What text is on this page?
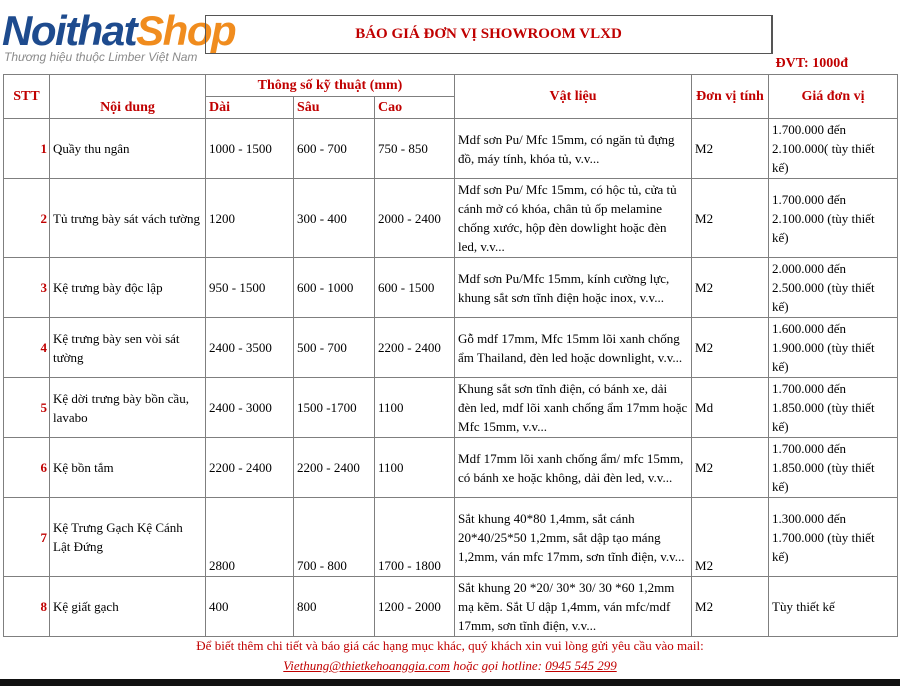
NoithatShop
Thương hiệu thuộc Limber Việt Nam
BÁO GIÁ ĐƠN VỊ SHOWROOM VLXD
ĐVT: 1000đ
STT	Nội dung	Thông số kỹ thuật (mm)			Vật liệu	Đơn vị tính	Giá đơn vị
		Dài	Sâu	Cao			
1	Quầy thu ngân	1000 - 1500	600 - 700	750 - 850	Mdf sơn Pu/ Mfc 15mm, có ngăn tủ đựng đồ, máy tính, khóa tủ, v.v...	M2	1.700.000 đến 2.100.000( tùy thiết kế)
2	Tủ trưng bày sát vách tường	1200	300 - 400	2000 - 2400	Mdf sơn Pu/ Mfc 15mm, có hộc tủ, cửa tủ cánh mở có khóa, chân tủ ốp melamine chống xước, hộp đèn dowlight hoặc đèn led, v.v...	M2	1.700.000 đến 2.100.000 (tùy thiết kế)
3	Kệ trưng bày độc lập	950 - 1500	600 - 1000	600 - 1500	Mdf sơn Pu/Mfc 15mm, kính cường lực, khung sắt sơn tĩnh điện hoặc inox, v.v...	M2	2.000.000 đến 2.500.000 (tùy thiết kế)
4	Kệ trưng bày sen vòi sát tường	2400 - 3500	500 - 700	2200 - 2400	Gỗ mdf 17mm, Mfc 15mm lõi xanh chống ẩm Thailand, đèn led hoặc downlight, v.v...	M2	1.600.000 đến 1.900.000 (tùy thiết kế)
5	Kệ dời trưng bày bồn cầu, lavabo	2400 - 3000	1500 -1700	1100	Khung sắt sơn tĩnh điện, có bánh xe, dải đèn led, mdf lõi xanh chống ẩm 17mm hoặc Mfc 15mm, v.v...	Md	1.700.000 đến 1.850.000 (tùy thiết kế)
6	Kệ bồn tắm	2200 - 2400	2200 - 2400	1100	Mdf 17mm lõi xanh chống ẩm/ mfc 15mm, có bánh xe hoặc không, dải đèn led, v.v...	M2	1.700.000 đến 1.850.000 (tùy thiết kế)
7	Kệ Trưng Gạch Kệ Cánh Lật Đứng	2800	700 - 800	1700 - 1800	Sắt khung 40*80 1,4mm, sắt cánh 20*40/25*50 1,2mm, sắt dập tạo máng 1,2mm, ván mfc 17mm, sơn tĩnh điện, v.v...	M2	1.300.000 đến 1.700.000 (tùy thiết kế)
8	Kệ giất gạch	400	800	1200 - 2000	Sắt khung 20 *20/ 30* 30/ 30 *60 1,2mm mạ kẽm. Sắt U dập 1,4mm, ván mfc/mdf 17mm, sơn tĩnh điện, v.v...	M2	Tùy thiết kế
Để biết thêm chi tiết và báo giá các hạng mục khác, quý khách xin vui lòng gửi yêu cầu vào mail:
Viethung@thietkehoanggia.com hoặc gọi hotline: 0945 545 299
